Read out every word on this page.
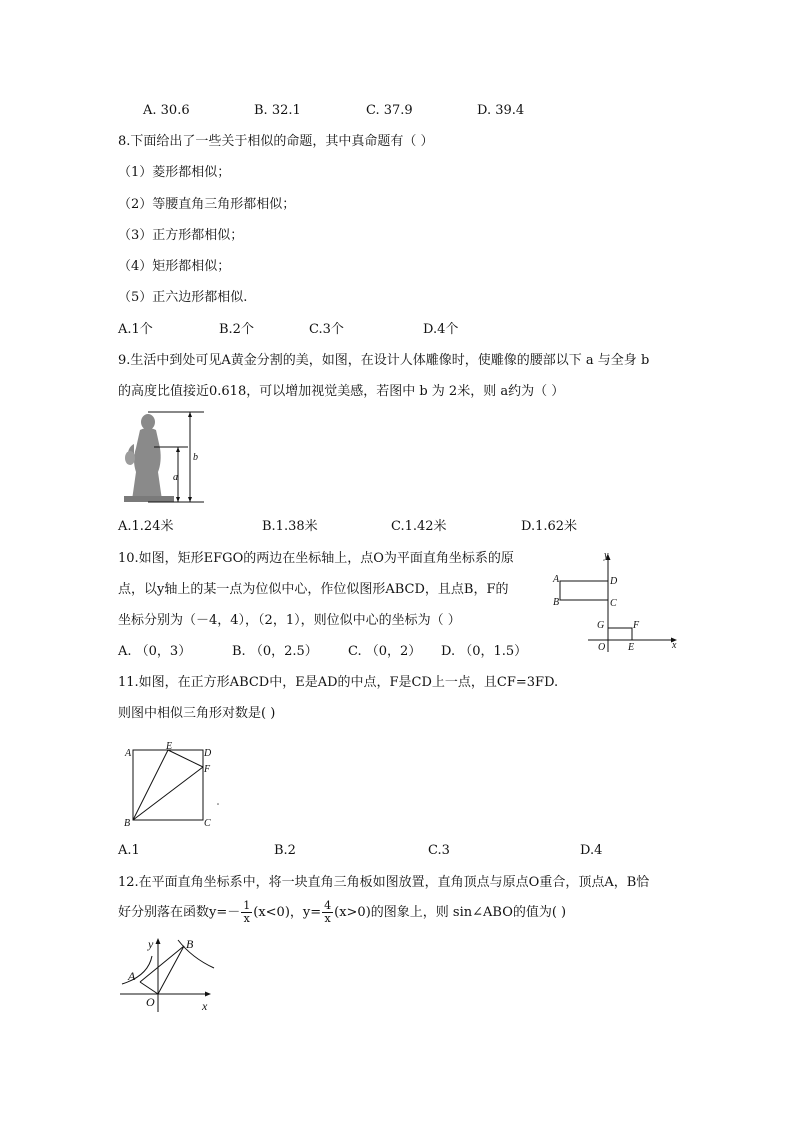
A. 30.6	B. 32.1	C. 37.9	D. 39.4
8.下面给出了一些关于相似的命题，其中真命题有（ ）
（1）菱形都相似；
（2）等腰直角三角形都相似；
（3）正方形都相似；
（4）矩形都相似；
（5）正六边形都相似.
A.1个	B.2个	C.3个	D.4个
9.生活中到处可见A黄金分割的美，如图，在设计人体雕像时，使雕像的腰部以下 a 与全身 b
的高度比值接近0.618，可以增加视觉美感，若图中 b 为 2米，则 a约为（ ）
b
a
A.1.24米	B.1.38米	C.1.42米	D.1.62米
10.如图，矩形EFGO的两边在坐标轴上，点O为平面直角坐标系的原
点，以y轴上的某一点为位似中心，作位似图形ABCD，且点B，F的
坐标分别为（－4，4），（2，1），则位似中心的坐标为（ ）
A. （0，3）	B. （0，2.5） C. （0，2） D. （0，1.5）
y
x
A
B
D
C
G	F
O E
11.如图，在正方形ABCD中，E是AD的中点，F是CD上一点，且CF=3FD.
则图中相似三角形对数是( )
A
E
D
F
B	C
A.1	B.2	C.3	D.4
12.在平面直角坐标系中，将一块直角三角板如图放置，直角顶点与原点O重合，顶点A，B恰
好分别落在函数$y=- \frac{1}{x} (x<0)$，$y= \frac{4}{x} (x>0)$的图象上，则 sin∠ABO的值为( )
y	B
A
O	x
